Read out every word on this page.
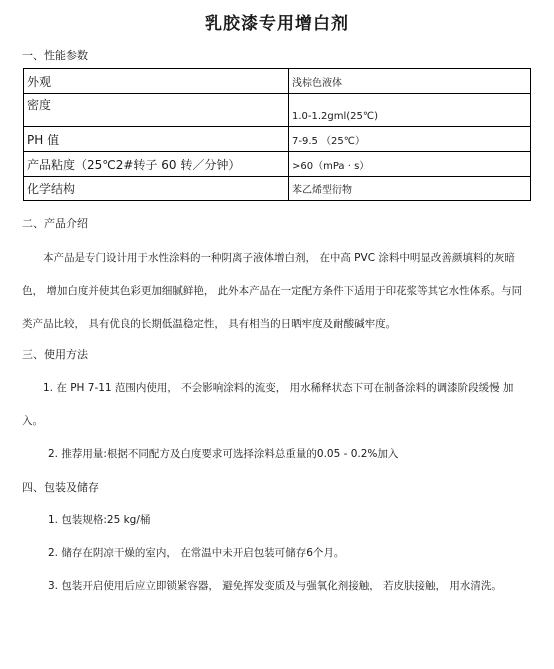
乳胶漆专用增白剂
一、性能参数
外观	浅棕色液体
密度	1.0-1.2gml(25℃)
PH 值	7-9.5 （25℃）
产品粘度（25℃2#转子 60 转／分钟）	>60（mPa · s）
化学结构	苯乙烯型衍物
二、产品介绍
本产品是专门设计用于水性涂料的一种阴离子液体增白剂， 在中高 PVC 涂料中明显改善颜填料的灰暗色， 增加白度并使其色彩更加细腻鲜艳， 此外本产品在一定配方条件下适用于印花浆等其它水性体系。与同类产品比较， 具有优良的长期低温稳定性， 具有相当的日晒牢度及耐酸碱牢度。
三、使用方法
1. 在 PH 7-11 范围内使用， 不会影响涂料的流变， 用水稀释状态下可在制备涂料的调漆阶段缓慢 加入。
2. 推荐用量:根据不同配方及白度要求可选择涂料总重量的0.05 - 0.2%加入
四、包装及储存
1. 包装规格:25 kg/桶
2. 储存在阴凉干燥的室内， 在常温中未开启包装可储存6个月。
3. 包装开启使用后应立即锁紧容器， 避免挥发变质及与强氧化剂接触， 若皮肤接触， 用水清洗。
